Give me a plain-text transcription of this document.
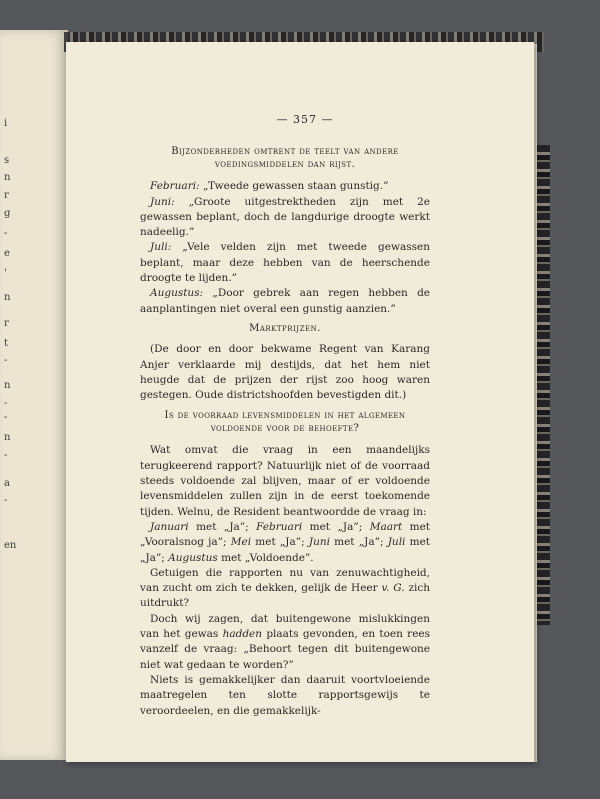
i
s
n
r
g
-
e
'
n
r
t
-
n
-
-
n
-
a
-
en
— 357 —
Bijzonderheden omtrent de teelt van andere
voedingsmiddelen dan rijst.

Februari: „Tweede gewassen staan gunstig.”

Juni: „Groote uitgestrektheden zijn met 2e gewassen beplant, doch de langdurige droogte werkt nadeelig.”

Juli: „Vele velden zijn met tweede gewassen beplant, maar deze hebben van de heerschende droogte te lijden.”

Augustus: „Door gebrek aan regen hebben de aanplantingen niet overal een gunstig aanzien.”

Marktprijzen.

(De door en door bekwame Regent van Karang Anjer verklaarde mij destijds, dat het hem niet heugde dat de prijzen der rijst zoo hoog waren gestegen. Oude districtshoofden bevestigden dit.)

Is de voorraad levensmiddelen in het algemeen
voldoende voor de behoefte?

Wat omvat die vraag in een maandelijks terugkeerend rapport? Natuurlijk niet of de voorraad steeds voldoende zal blijven, maar of er voldoende levensmiddelen zullen zijn in de eerst toekomende tijden. Welnu, de Resident beantwoordde de vraag in:

Januari met „Ja”; Februari met „Ja”; Maart met „Vooralsnog ja”; Mei met „Ja”; Juni met „Ja”; Juli met „Ja”; Augustus met „Voldoende”.

Getuigen die rapporten nu van zenuwachtigheid, van zucht om zich te dekken, gelijk de Heer v. G. zich uitdrukt?

Doch wij zagen, dat buitengewone mislukkingen van het gewas hadden plaats gevonden, en toen rees vanzelf de vraag: „Behoort tegen dit buitengewone niet wat gedaan te worden?”

Niets is gemakkelijker dan daaruit voortvloeiende maatregelen ten slotte rapportsgewijs te veroordeelen, en die gemakkelijk-
